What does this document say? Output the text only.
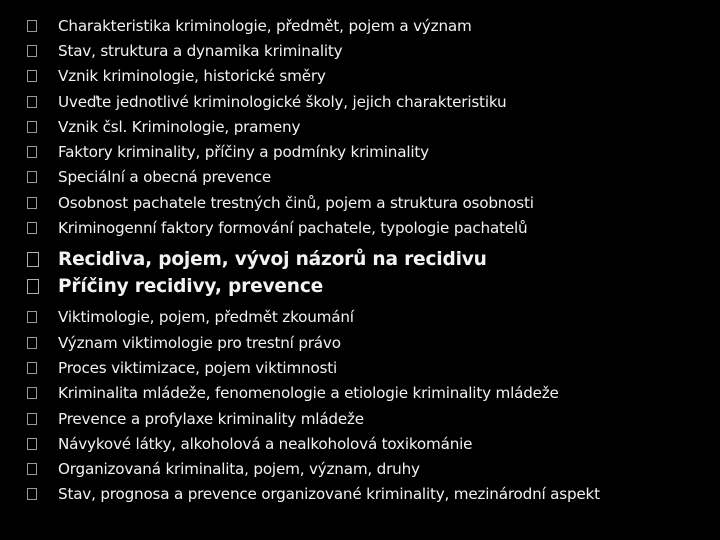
Charakteristika kriminologie, předmět, pojem a význam
Stav, struktura a dynamika kriminality
Vznik kriminologie, historické směry
Uveďte jednotlivé kriminologické školy, jejich charakteristiku
Vznik čsl. Kriminologie, prameny
Faktory kriminality, příčiny a podmínky kriminality
Speciální a obecná prevence
Osobnost pachatele trestných činů, pojem a struktura osobnosti
Kriminogenní faktory formování pachatele, typologie pachatelů
Recidiva, pojem, vývoj názorů na recidivu
Příčiny recidivy, prevence
Viktimologie, pojem, předmět zkoumání
Význam viktimologie pro trestní právo
Proces viktimizace, pojem viktimnosti
Kriminalita mládeže, fenomenologie a etiologie kriminality mládeže
Prevence a profylaxe kriminality mládeže
Návykové látky, alkoholová a nealkoholová toxikománie
Organizovaná kriminalita, pojem, význam, druhy
Stav, prognosa a prevence organizované kriminality, mezinárodní aspekt
